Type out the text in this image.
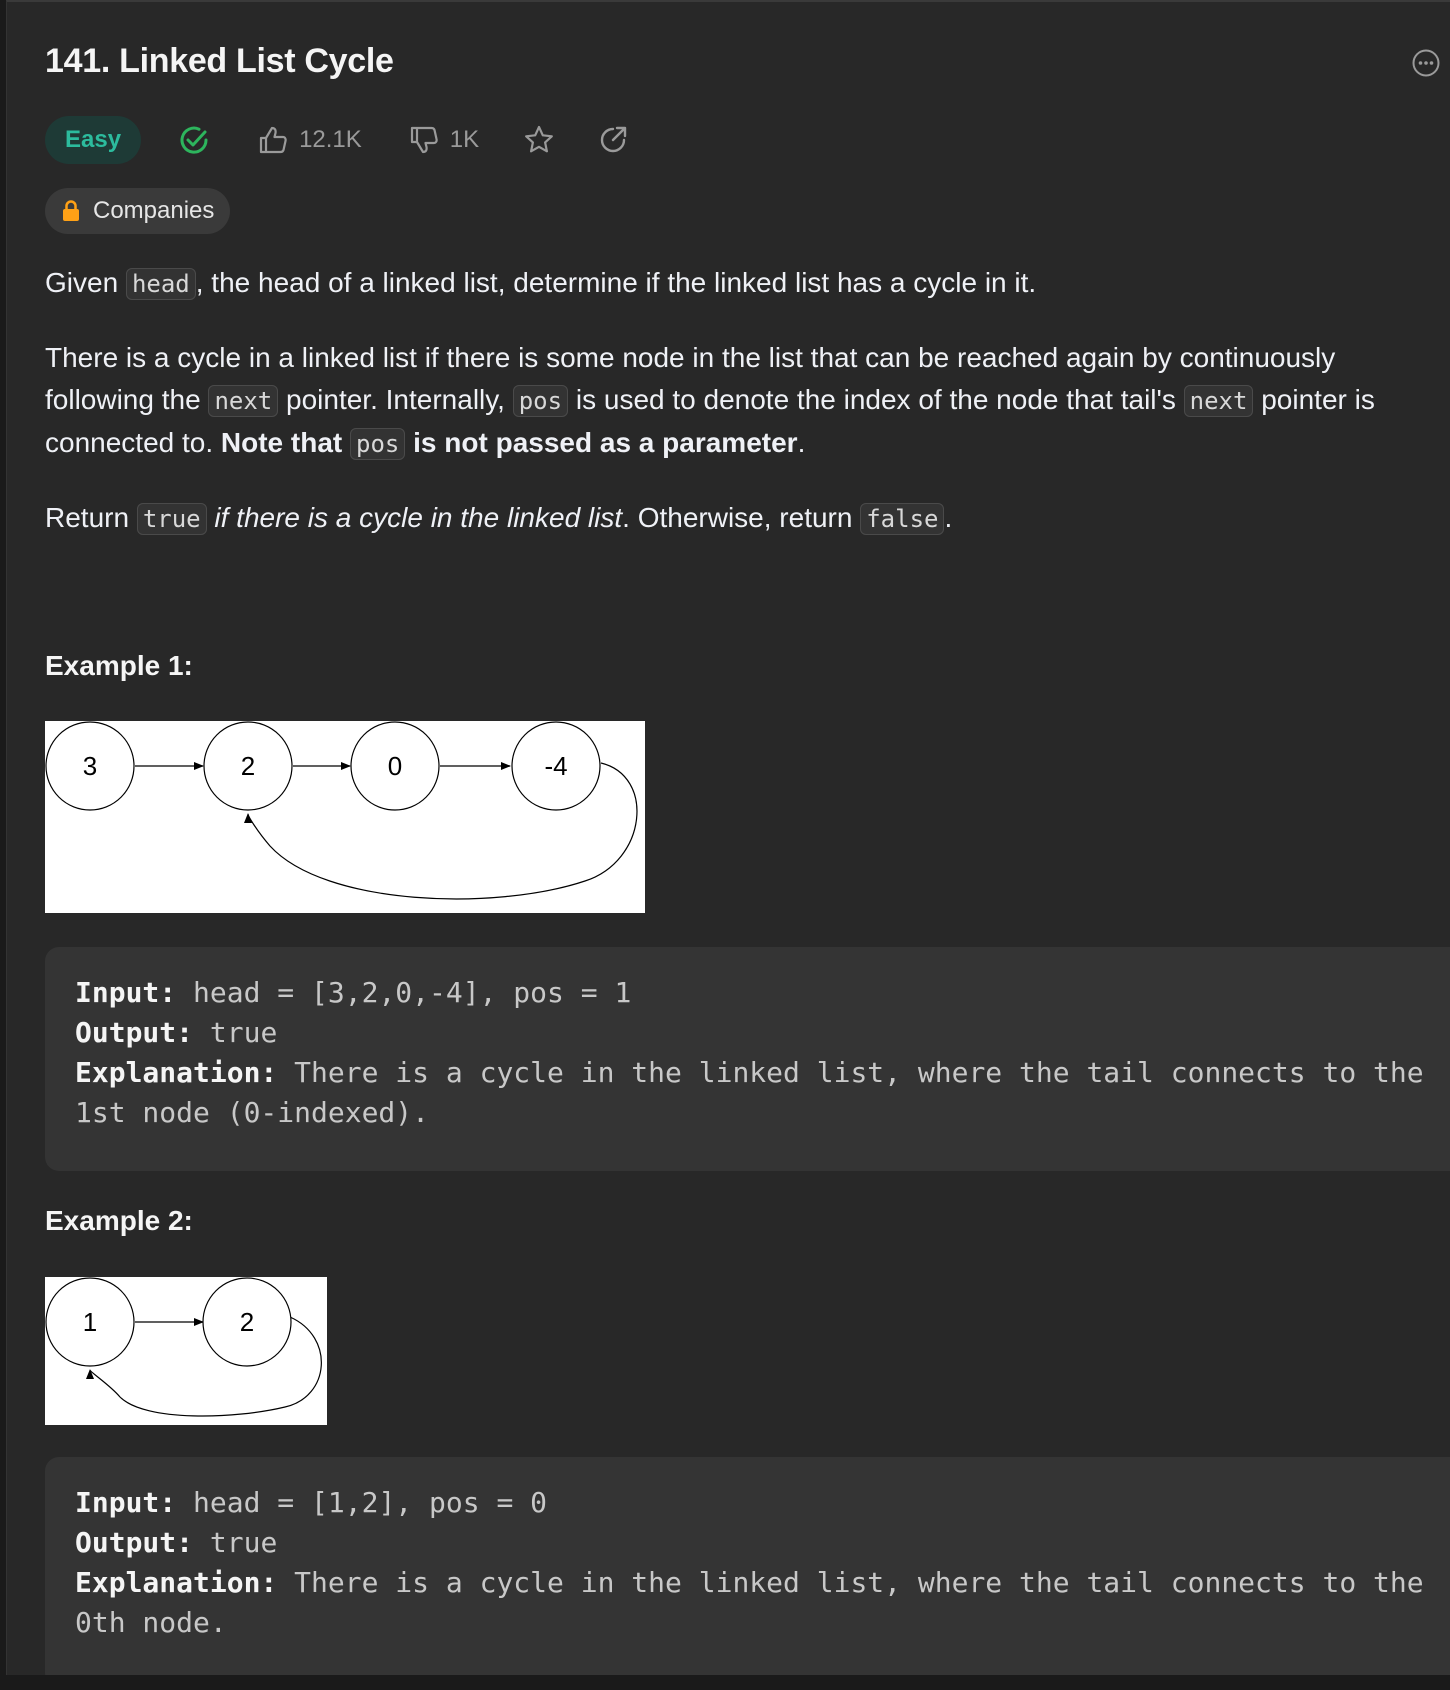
141. Linked List Cycle
Easy	12.1K	1K
Companies

Given head , the head of a linked list, determine if the linked list has a cycle in it.

There is a cycle in a linked list if there is some node in the list that can be reached again by continuously following the next pointer. Internally, pos is used to denote the index of the node that tail's next pointer is connected to. Note that pos is not passed as a parameter.

Return true if there is a cycle in the linked list. Otherwise, return false .

Example 1:
3	2	0	-4
Input: head = [3,2,0,-4], pos = 1
Output: true
Explanation: There is a cycle in the linked list, where the tail connects to the 1st node (0-indexed).
Example 2:
1	2
Input: head = [1,2], pos = 0
Output: true
Explanation: There is a cycle in the linked list, where the tail connects to the 0th node.
